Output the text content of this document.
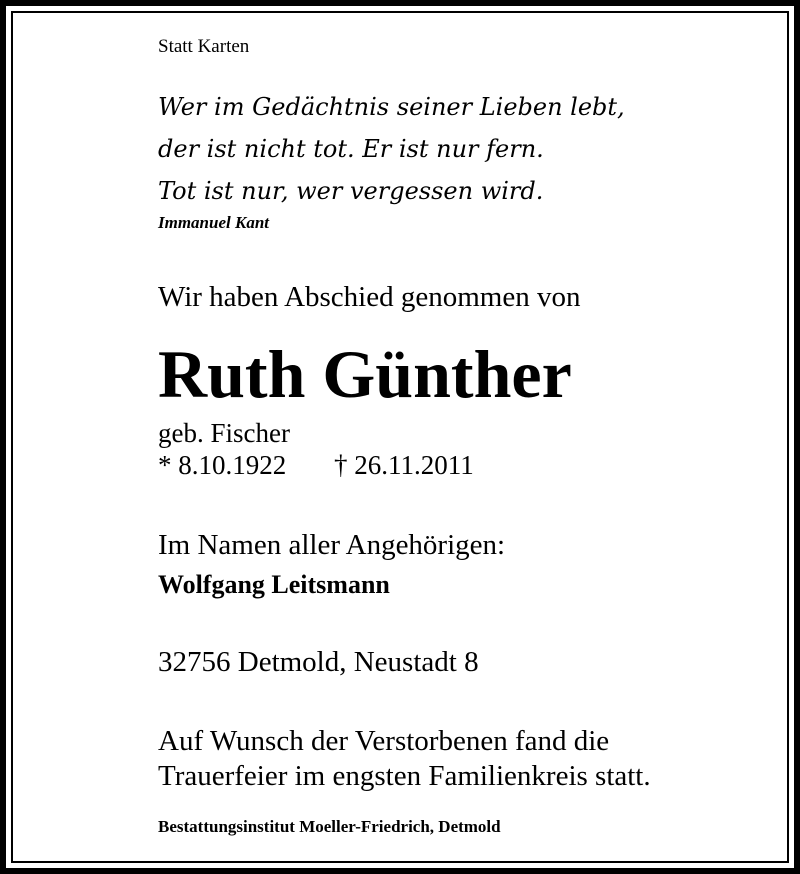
Statt Karten
Wer im Gedächtnis seiner Lieben lebt,
der ist nicht tot. Er ist nur fern.
Tot ist nur, wer vergessen wird.
Immanuel Kant
Wir haben Abschied genommen von
Ruth Günther
geb. Fischer
* 8.10.1922 † 26.11.2011
Im Namen aller Angehörigen:
Wolfgang Leitsmann
32756 Detmold, Neustadt 8
Auf Wunsch der Verstorbenen fand die
Trauerfeier im engsten Familienkreis statt.
Bestattungsinstitut Moeller-Friedrich, Detmold
